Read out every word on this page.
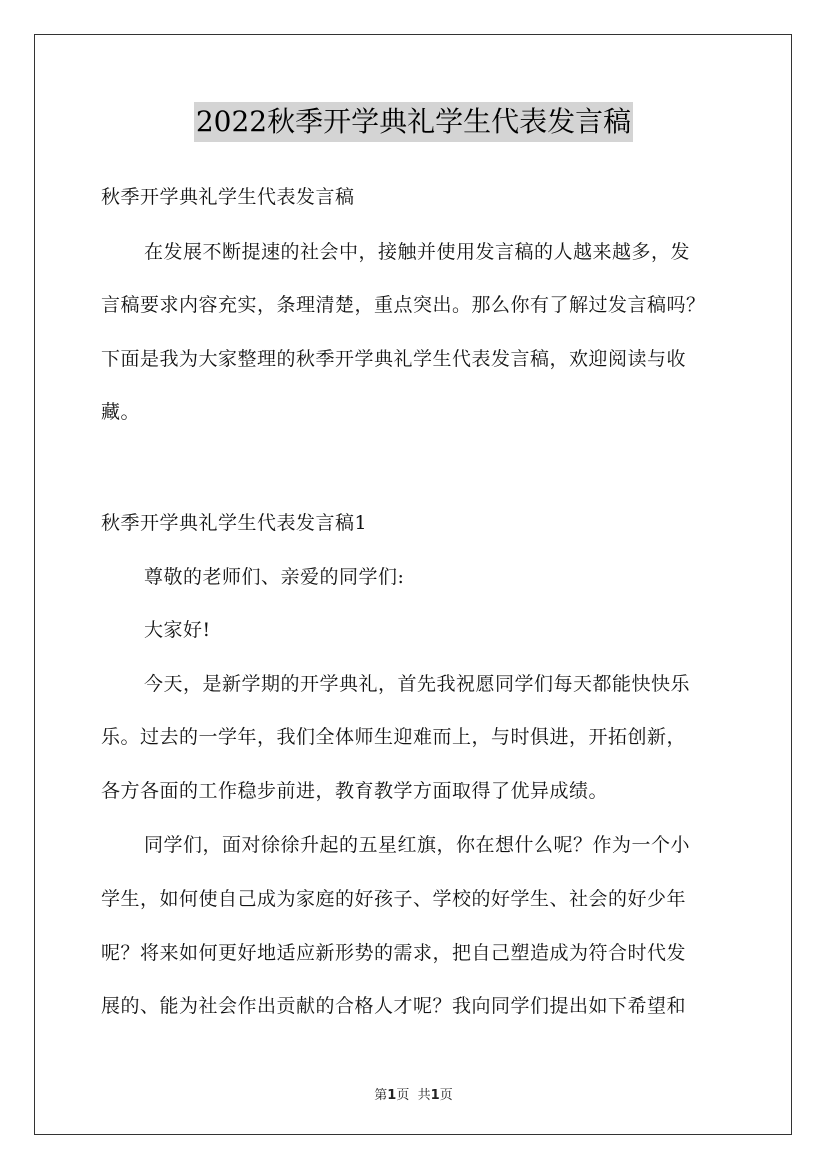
2022秋季开学典礼学生代表发言稿
秋季开学典礼学生代表发言稿
在发展不断提速的社会中，接触并使用发言稿的人越来越多，发
言稿要求内容充实，条理清楚，重点突出。那么你有了解过发言稿吗？
下面是我为大家整理的秋季开学典礼学生代表发言稿，欢迎阅读与收
藏。
秋季开学典礼学生代表发言稿1
尊敬的老师们、亲爱的同学们:
大家好!
今天，是新学期的开学典礼，首先我祝愿同学们每天都能快快乐
乐。过去的一学年，我们全体师生迎难而上，与时俱进，开拓创新，
各方各面的工作稳步前进，教育教学方面取得了优异成绩。
同学们，面对徐徐升起的五星红旗，你在想什么呢？作为一个小
学生，如何使自己成为家庭的好孩子、学校的好学生、社会的好少年
呢？将来如何更好地适应新形势的需求，把自己塑造成为符合时代发
展的、能为社会作出贡献的合格人才呢？我向同学们提出如下希望和
第1页 共1页
